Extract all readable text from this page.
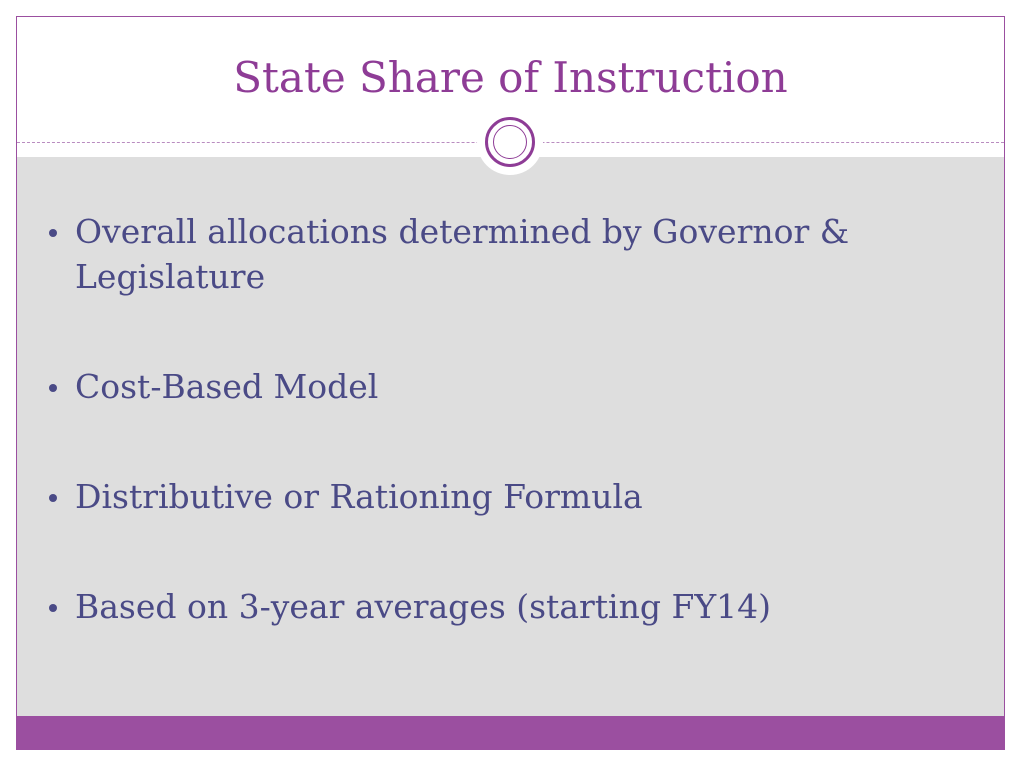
State Share of Instruction
Overall allocations determined by Governor & Legislature
Cost-Based Model
Distributive or Rationing Formula
Based on 3-year averages (starting FY14)
